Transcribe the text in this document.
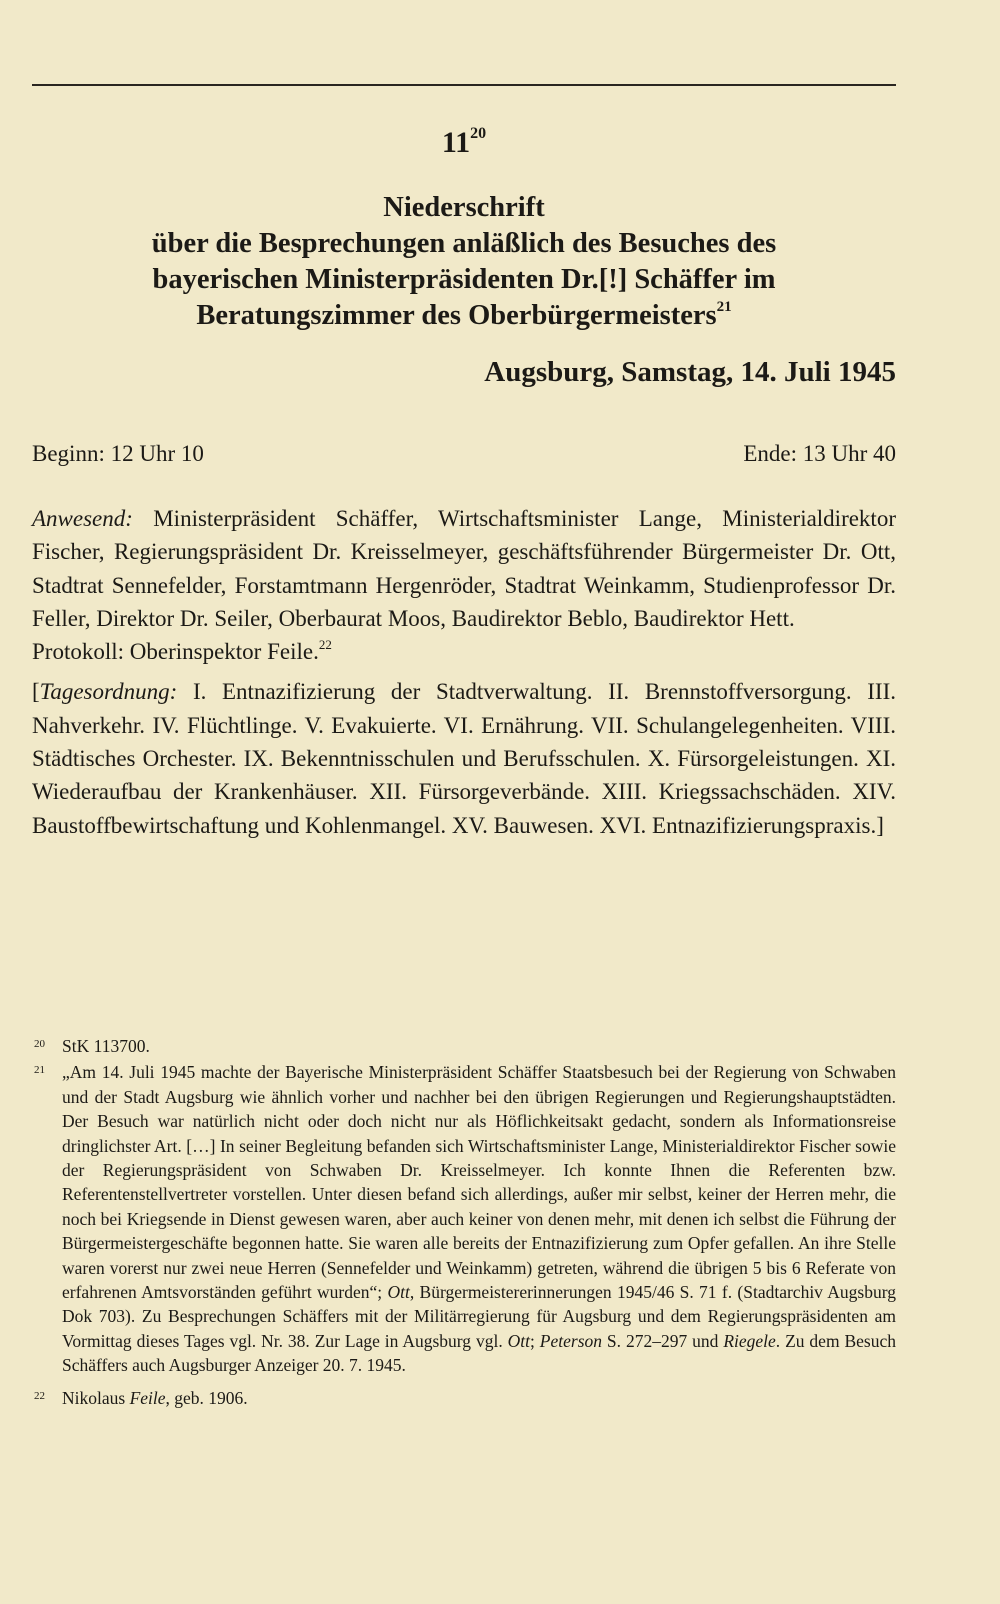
$11^{20}$
Niederschrift
über die Besprechungen anläßlich des Besuches des
bayerischen Ministerpräsidenten Dr.[!] Schäffer im
Beratungszimmer des Oberbürgermeisters$^{21}$
Augsburg, Samstag, 14. Juli 1945
Beginn: 12 Uhr 10	Ende: 13 Uhr 40

Anwesend: Ministerpräsident Schäffer, Wirtschaftsminister Lange, Ministerialdirektor Fischer, Regierungspräsident Dr. Kreisselmeyer, geschäftsführender Bürgermeister Dr. Ott, Stadtrat Sennefelder, Forstamtmann Hergenröder, Stadtrat Weinkamm, Studienprofessor Dr. Feller, Direktor Dr. Seiler, Oberbaurat Moos, Baudirektor Beblo, Baudirektor Hett.

Protokoll: Oberinspektor Feile.$^{22}$

[Tagesordnung: I. Entnazifizierung der Stadtverwaltung. II. Brennstoffversorgung. III. Nahverkehr. IV. Flüchtlinge. V. Evakuierte. VI. Ernährung. VII. Schulangelegenheiten. VIII. Städtisches Orchester. IX. Bekenntnisschulen und Berufsschulen. X. Fürsorgeleistungen. XI. Wiederaufbau der Krankenhäuser. XII. Fürsorgeverbände. XIII. Kriegssachschäden. XIV. Baustoffbewirtschaftung und Kohlenmangel. XV. Bauwesen. XVI. Entnazifizierungspraxis.]

20 StK 113700.
21 „Am 14. Juli 1945 machte der Bayerische Ministerpräsident Schäffer Staatsbesuch bei der Regierung von Schwaben und der Stadt Augsburg wie ähnlich vorher und nachher bei den übrigen Regierungen und Regierungshauptstädten. Der Besuch war natürlich nicht oder doch nicht nur als Höflichkeitsakt gedacht, sondern als Informationsreise dringlichster Art. […] In seiner Begleitung befanden sich Wirtschaftsminister Lange, Ministerialdirektor Fischer sowie der Regierungspräsident von Schwaben Dr. Kreisselmeyer. Ich konnte Ihnen die Referenten bzw. Referentenstellvertreter vorstellen. Unter diesen befand sich allerdings, außer mir selbst, keiner der Herren mehr, die noch bei Kriegsende in Dienst gewesen waren, aber auch keiner von denen mehr, mit denen ich selbst die Führung der Bürgermeistergeschäfte begonnen hatte. Sie waren alle bereits der Entnazifizierung zum Opfer gefallen. An ihre Stelle waren vorerst nur zwei neue Herren (Sennefelder und Weinkamm) getreten, während die übrigen 5 bis 6 Referate von erfahrenen Amtsvorständen geführt wurden“; Ott, Bürgermeistererinnerungen 1945/46 S. 71 f. (Stadtarchiv Augsburg Dok 703). Zu Besprechungen Schäffers mit der Militärregierung für Augsburg und dem Regierungspräsidenten am Vormittag dieses Tages vgl. Nr. 38. Zur Lage in Augsburg vgl. Ott; Peterson S. 272–297 und Riegele. Zu dem Besuch Schäffers auch Augsburger Anzeiger 20. 7. 1945.
22 Nikolaus Feile, geb. 1906.
